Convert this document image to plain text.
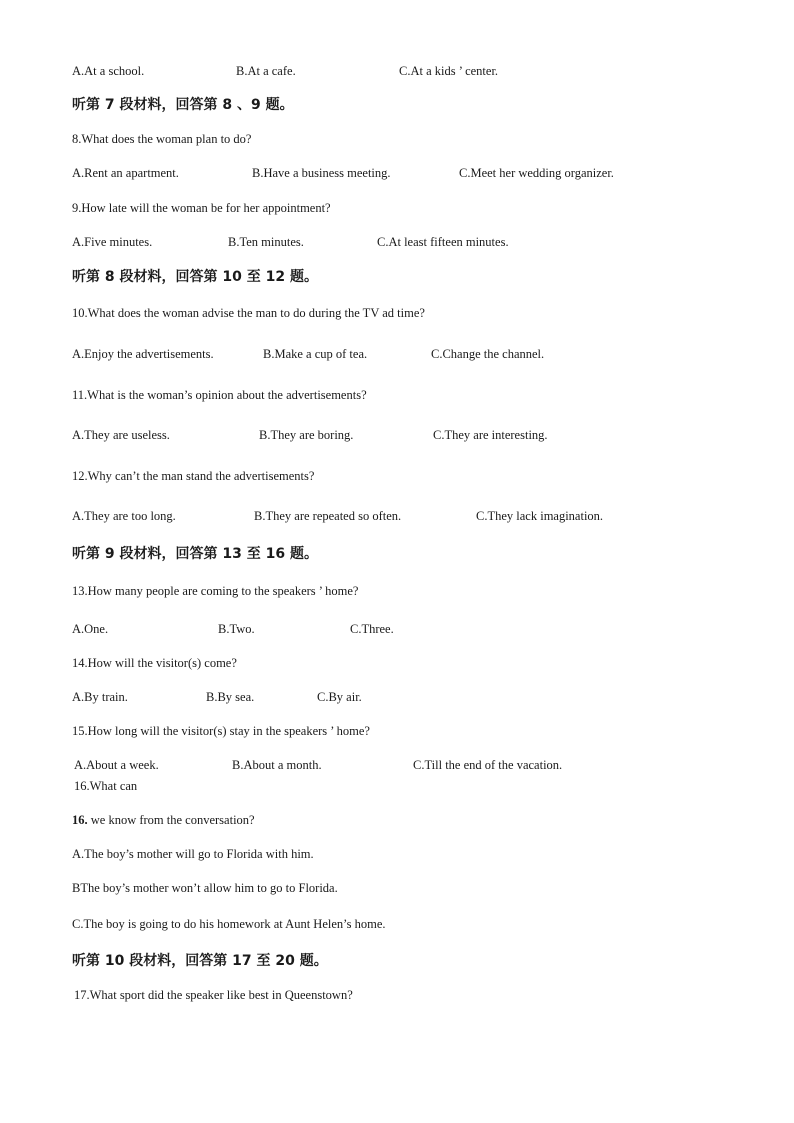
A.At a school.	B.At a cafe.	C.At a kids ’ center.
听第 7 段材料，回答第 8 、9 题。
8.What does the woman plan to do?
A.Rent an apartment.	B.Have a business meeting.	C.Meet her wedding organizer.
9.How late will the woman be for her appointment?
A.Five minutes.	B.Ten minutes.	C.At least fifteen minutes.
听第 8 段材料，回答第 10 至 12 题。
10.What does the woman advise the man to do during the TV ad time?
A.Enjoy the advertisements.	B.Make a cup of tea.	C.Change the channel.
11.What is the woman’s opinion about the advertisements?
A.They are useless.	B.They are boring.	C.They are interesting.
12.Why can’t the man stand the advertisements?
A.They are too long.	B.They are repeated so often.	C.They lack imagination.
听第 9 段材料，回答第 13 至 16 题。
13.How many people are coming to the speakers ’ home?
A.One.	B.Two.	C.Three.
14.How will the visitor(s) come?
A.By train.	B.By sea.	C.By air.
15.How long will the visitor(s) stay in the speakers ’ home?
A.About a week.	B.About a month.	C.Till the end of the vacation.
16.What can
16. we know from the conversation?
A.The boy’s mother will go to Florida with him.
BThe boy’s mother won’t allow him to go to Florida.
C.The boy is going to do his homework at Aunt Helen’s home.
听第 10 段材料，回答第 17 至 20 题。
17.What sport did the speaker like best in Queenstown?
